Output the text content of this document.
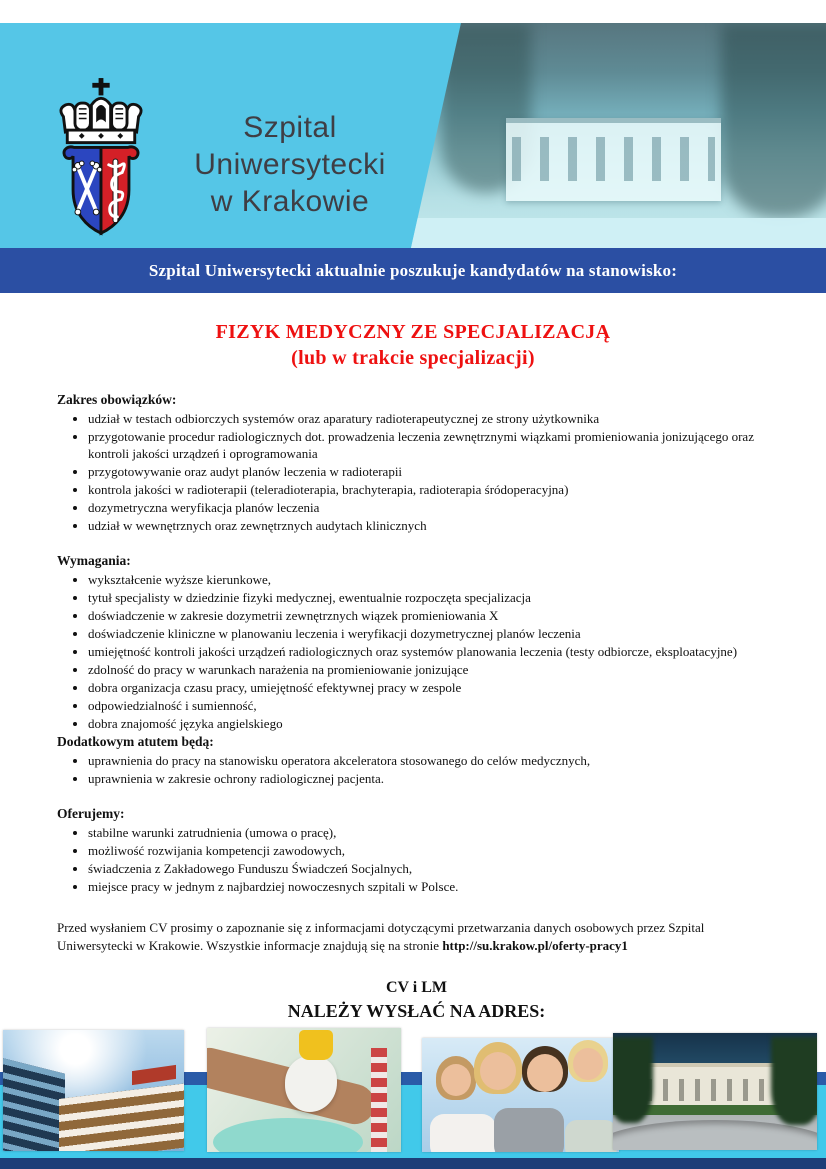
Szpital
Uniwersytecki
w Krakowie
Szpital Uniwersytecki aktualnie poszukuje kandydatów na stanowisko:
FIZYK MEDYCZNY ZE SPECJALIZACJĄ
(lub w trakcie specjalizacji)
Zakres obowiązków:
• udział w testach odbiorczych systemów oraz aparatury radioterapeutycznej ze strony użytkownika
• przygotowanie procedur radiologicznych dot. prowadzenia leczenia zewnętrznymi wiązkami promieniowania jonizującego oraz kontroli jakości urządzeń i oprogramowania
• przygotowywanie oraz audyt planów leczenia w radioterapii
• kontrola jakości w radioterapii (teleradioterapia, brachyterapia, radioterapia śródoperacyjna)
• dozymetryczna weryfikacja planów leczenia
• udział w wewnętrznych oraz zewnętrznych audytach klinicznych
Wymagania:
• wykształcenie wyższe kierunkowe,
• tytuł specjalisty w dziedzinie fizyki medycznej, ewentualnie rozpoczęta specjalizacja
• doświadczenie w zakresie dozymetrii zewnętrznych wiązek promieniowania X
• doświadczenie kliniczne w planowaniu leczenia i weryfikacji dozymetrycznej planów leczenia
• umiejętność kontroli jakości urządzeń radiologicznych oraz systemów planowania leczenia (testy odbiorcze, eksploatacyjne)
• zdolność do pracy w warunkach narażenia na promieniowanie jonizujące
• dobra organizacja czasu pracy, umiejętność efektywnej pracy w zespole
• odpowiedzialność i sumienność,
• dobra znajomość języka angielskiego
Dodatkowym atutem będą:
• uprawnienia do pracy na stanowisku operatora akceleratora stosowanego do celów medycznych,
• uprawnienia w zakresie ochrony radiologicznej pacjenta.
Oferujemy:
• stabilne warunki zatrudnienia (umowa o pracę),
• możliwość rozwijania kompetencji zawodowych,
• świadczenia z Zakładowego Funduszu Świadczeń Socjalnych,
• miejsce pracy w jednym z najbardziej nowoczesnych szpitali w Polsce.

Przed wysłaniem CV prosimy o zapoznanie się z informacjami dotyczącymi przetwarzania danych osobowych przez Szpital Uniwersytecki w Krakowie. Wszystkie informacje znajdują się na stronie http://su.krakow.pl/oferty-pracy1

CV i LM
NALEŻY WYSŁAĆ NA ADRES:
